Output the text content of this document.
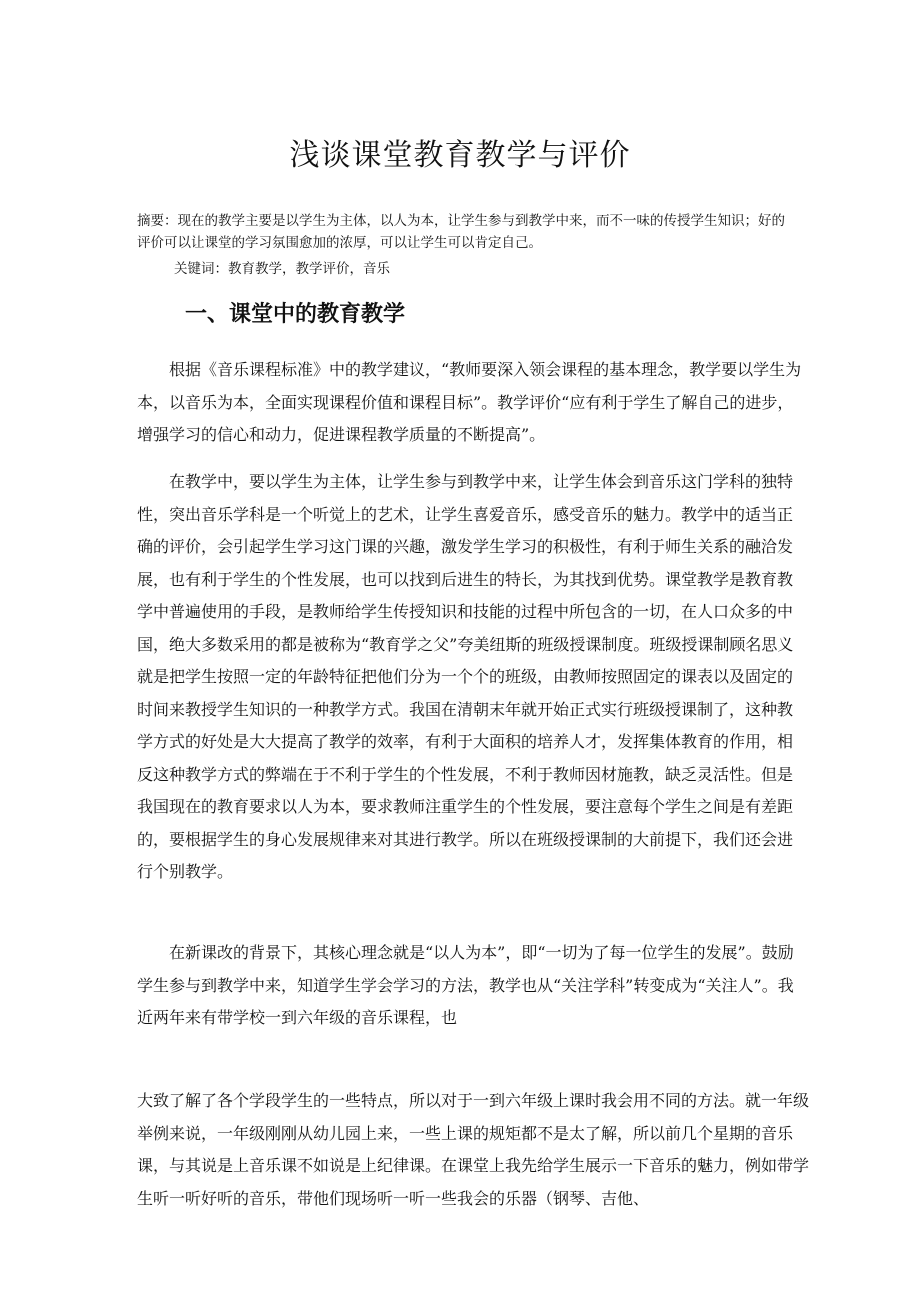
浅谈课堂教育教学与评价

摘要：现在的教学主要是以学生为主体，以人为本，让学生参与到教学中来，而不一味的传授学生知识；好的评价可以让课堂的学习氛围愈加的浓厚，可以让学生可以肯定自己。

关键词：教育教学，教学评价，音乐

一、课堂中的教育教学

根据《音乐课程标准》中的教学建议，“教师要深入领会课程的基本理念，教学要以学生为本，以音乐为本，全面实现课程价值和课程目标”。教学评价“应有利于学生了解自己的进步，增强学习的信心和动力，促进课程教学质量的不断提高”。

在教学中，要以学生为主体，让学生参与到教学中来，让学生体会到音乐这门学科的独特性，突出音乐学科是一个听觉上的艺术，让学生喜爱音乐，感受音乐的魅力。教学中的适当正确的评价，会引起学生学习这门课的兴趣，激发学生学习的积极性，有利于师生关系的融洽发展，也有利于学生的个性发展，也可以找到后进生的特长，为其找到优势。课堂教学是教育教学中普遍使用的手段，是教师给学生传授知识和技能的过程中所包含的一切，在人口众多的中国，绝大多数采用的都是被称为“教育学之父”夸美纽斯的班级授课制度。班级授课制顾名思义就是把学生按照一定的年龄特征把他们分为一个个的班级，由教师按照固定的课表以及固定的时间来教授学生知识的一种教学方式。我国在清朝末年就开始正式实行班级授课制了，这种教学方式的好处是大大提高了教学的效率，有利于大面积的培养人才，发挥集体教育的作用，相反这种教学方式的弊端在于不利于学生的个性发展，不利于教师因材施教，缺乏灵活性。但是我国现在的教育要求以人为本，要求教师注重学生的个性发展，要注意每个学生之间是有差距的，要根据学生的身心发展规律来对其进行教学。所以在班级授课制的大前提下，我们还会进行个别教学。

在新课改的背景下，其核心理念就是“以人为本”，即“一切为了每一位学生的发展”。鼓励学生参与到教学中来，知道学生学会学习的方法，教学也从“关注学科”转变成为“关注人”。我近两年来有带学校一到六年级的音乐课程，也

大致了解了各个学段学生的一些特点，所以对于一到六年级上课时我会用不同的方法。就一年级举例来说，一年级刚刚从幼儿园上来，一些上课的规矩都不是太了解，所以前几个星期的音乐课，与其说是上音乐课不如说是上纪律课。在课堂上我先给学生展示一下音乐的魅力，例如带学生听一听好听的音乐，带他们现场听一听一些我会的乐器（钢琴、吉他、
